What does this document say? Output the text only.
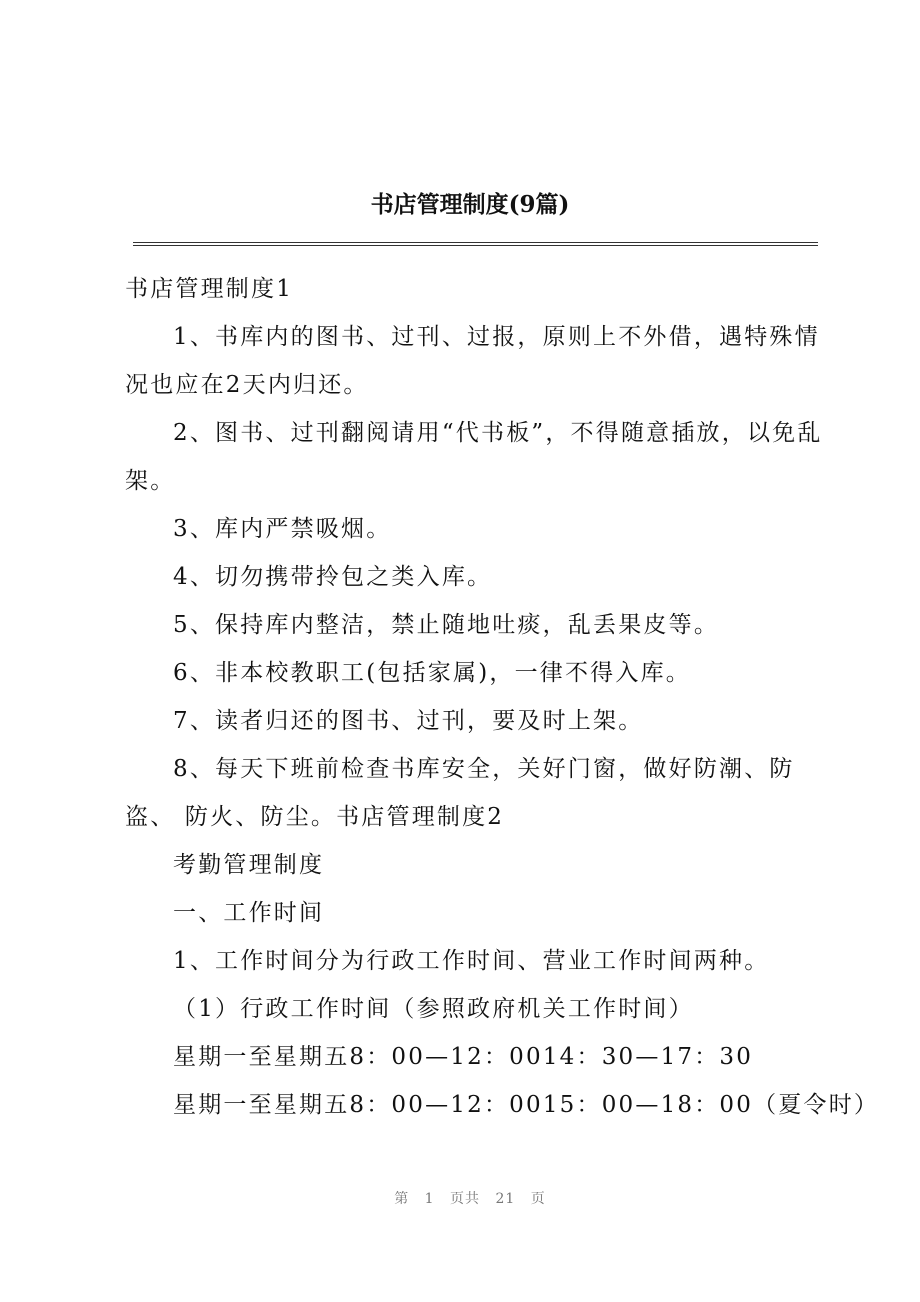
书店管理制度(9篇)
书店管理制度1
1、书库内的图书、过刊、过报，原则上不外借，遇特殊情
况也应在2天内归还。
2、图书、过刊翻阅请用“代书板”，不得随意插放，以免乱
架。
3、库内严禁吸烟。
4、切勿携带拎包之类入库。
5、保持库内整洁，禁止随地吐痰，乱丢果皮等。
6、非本校教职工(包括家属)，一律不得入库。
7、读者归还的图书、过刊，要及时上架。
8、每天下班前检查书库安全，关好门窗，做好防潮、防
盗、 防火、防尘。书店管理制度2
考勤管理制度
一、工作时间
1、工作时间分为行政工作时间、营业工作时间两种。
（1）行政工作时间（参照政府机关工作时间）
星期一至星期五8：00—12：0014：30—17：30
星期一至星期五8：00—12：0015：00—18：00（夏令时）
第 1 页共 21 页
